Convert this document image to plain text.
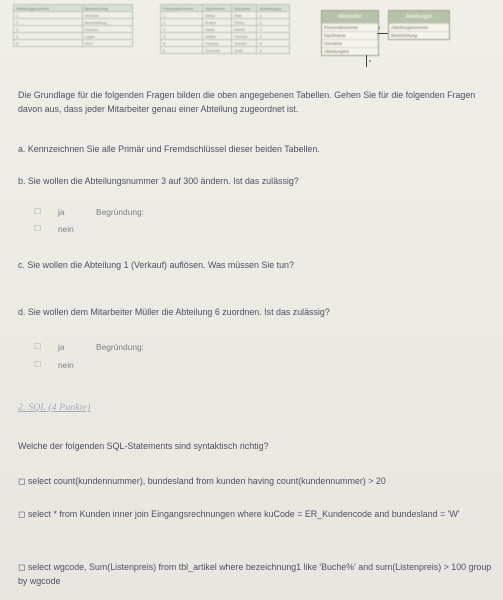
Abteilungsnummer	Bezeichnung
1	Verkauf
2	Buchhaltung
3	Einkauf
4	Lager
5	EDV
Personalnummer	Nachname	Vorname	Abteilungsnr
1	Meier	Ralf	1
2	Kranz	Petra	2
3	Haas	Moritz	2
4	Müller	Helmut	3
5	Fischer	Günter	5
6	Sommer	Gabi	4
Mitarbeiter
Personalnummer
Nachname
Vorname
Abteilungsnr
Abteilungen
Abteilungsnummer
Bezeichnung
1
n
Die Grundlage für die folgenden Fragen bilden die oben angegebenen Tabellen. Gehen Sie für die folgenden Fragen davon aus, dass jeder Mitarbeiter genau einer Abteilung zugeordnet ist.
a. Kennzeichnen Sie alle Primär und Fremdschlüssel dieser beiden Tabellen.
b. Sie wollen die Abteilungsnummer 3 auf 300 ändern. Ist das zulässig?
☐ ja	Begründung:
☐ nein
c. Sie wollen die Abteilung 1 (Verkauf) auflösen. Was müssen Sie tun?
d. Sie wollen dem Mitarbeiter Müller die Abteilung 6 zuordnen. Ist das zulässig?
☐ ja	Begründung:
☐ nein
2. SQL (4 Punkte)
Welche der folgenden SQL-Statements sind syntaktisch richtig?
◻ select count(kundennummer), bundesland from kunden having count(kundennummer) > 20
◻ select * from Kunden inner join Eingangsrechnungen where kuCode = ER_Kundencode and bundesland = 'W'
◻ select wgcode, Sum(Listenpreis) from tbl_artikel where bezeichnung1 like 'Buche%' and sum(Listenpreis) > 100 group by wgcode
